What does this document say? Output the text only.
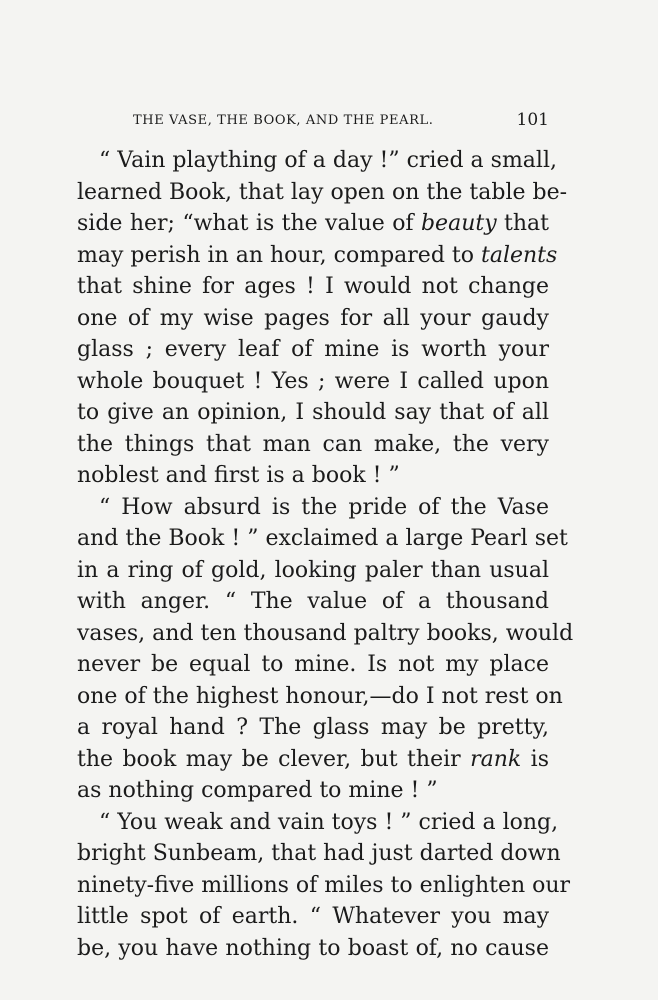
THE VASE, THE BOOK, AND THE PEARL.	101
“ Vain plaything of a day !” cried a small,
learned Book, that lay open on the table be-
side her; “what is the value of beauty that
may perish in an hour, compared to talents
that shine for ages ! I would not change
one of my wise pages for all your gaudy
glass ; every leaf of mine is worth your
whole bouquet ! Yes ; were I called upon
to give an opinion, I should say that of all
the things that man can make, the very
noblest and first is a book ! ”
“ How absurd is the pride of the Vase
and the Book ! ” exclaimed a large Pearl set
in a ring of gold, looking paler than usual
with anger. “ The value of a thousand
vases, and ten thousand paltry books, would
never be equal to mine. Is not my place
one of the highest honour,—do I not rest on
a royal hand ? The glass may be pretty,
the book may be clever, but their rank is
as nothing compared to mine ! ”
“ You weak and vain toys ! ” cried a long,
bright Sunbeam, that had just darted down
ninety-five millions of miles to enlighten our
little spot of earth. “ Whatever you may
be, you have nothing to boast of, no cause
